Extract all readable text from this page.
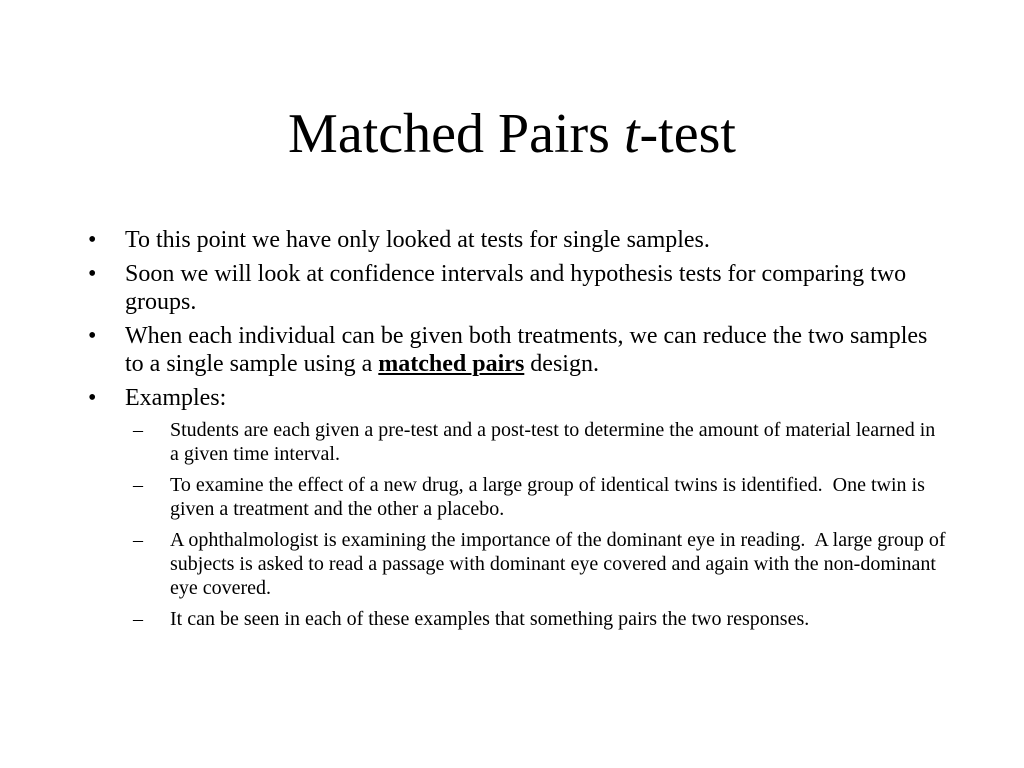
Matched Pairs t-test
• To this point we have only looked at tests for single samples.
• Soon we will look at confidence intervals and hypothesis tests for comparing two groups.
• When each individual can be given both treatments, we can reduce the two samples to a single sample using a matched pairs design.
• Examples:
– Students are each given a pre-test and a post-test to determine the amount of material learned in a given time interval.
– To examine the effect of a new drug, a large group of identical twins is identified.  One twin is given a treatment and the other a placebo.
– A ophthalmologist is examining the importance of the dominant eye in reading.  A large group of subjects is asked to read a passage with dominant eye covered and again with the non-dominant eye covered.
– It can be seen in each of these examples that something pairs the two responses.
